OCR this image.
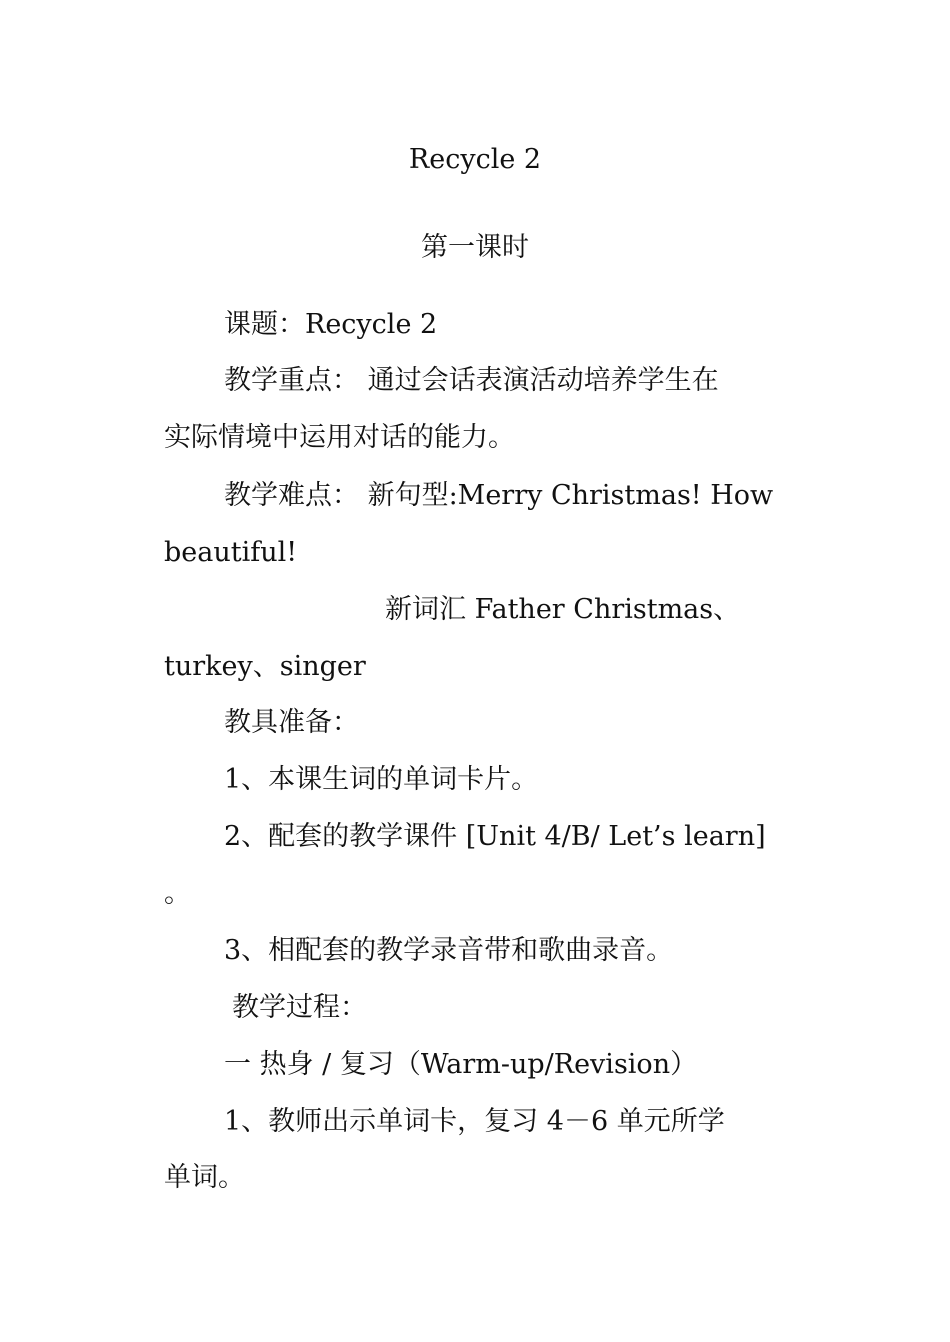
Recycle 2
第一课时
课题：Recycle 2
教学重点： 通过会话表演活动培养学生在
实际情境中运用对话的能力。
教学难点： 新句型:Merry Christmas! How
beautiful!
新词汇 Father Christmas、
turkey、singer
教具准备：
1、本课生词的单词卡片。
2、配套的教学课件 [Unit 4/B/ Let’s learn]
。
3、相配套的教学录音带和歌曲录音。
教学过程：
一 热身 / 复习（Warm-up/Revision）
1、教师出示单词卡，复习 4－6 单元所学
单词。
